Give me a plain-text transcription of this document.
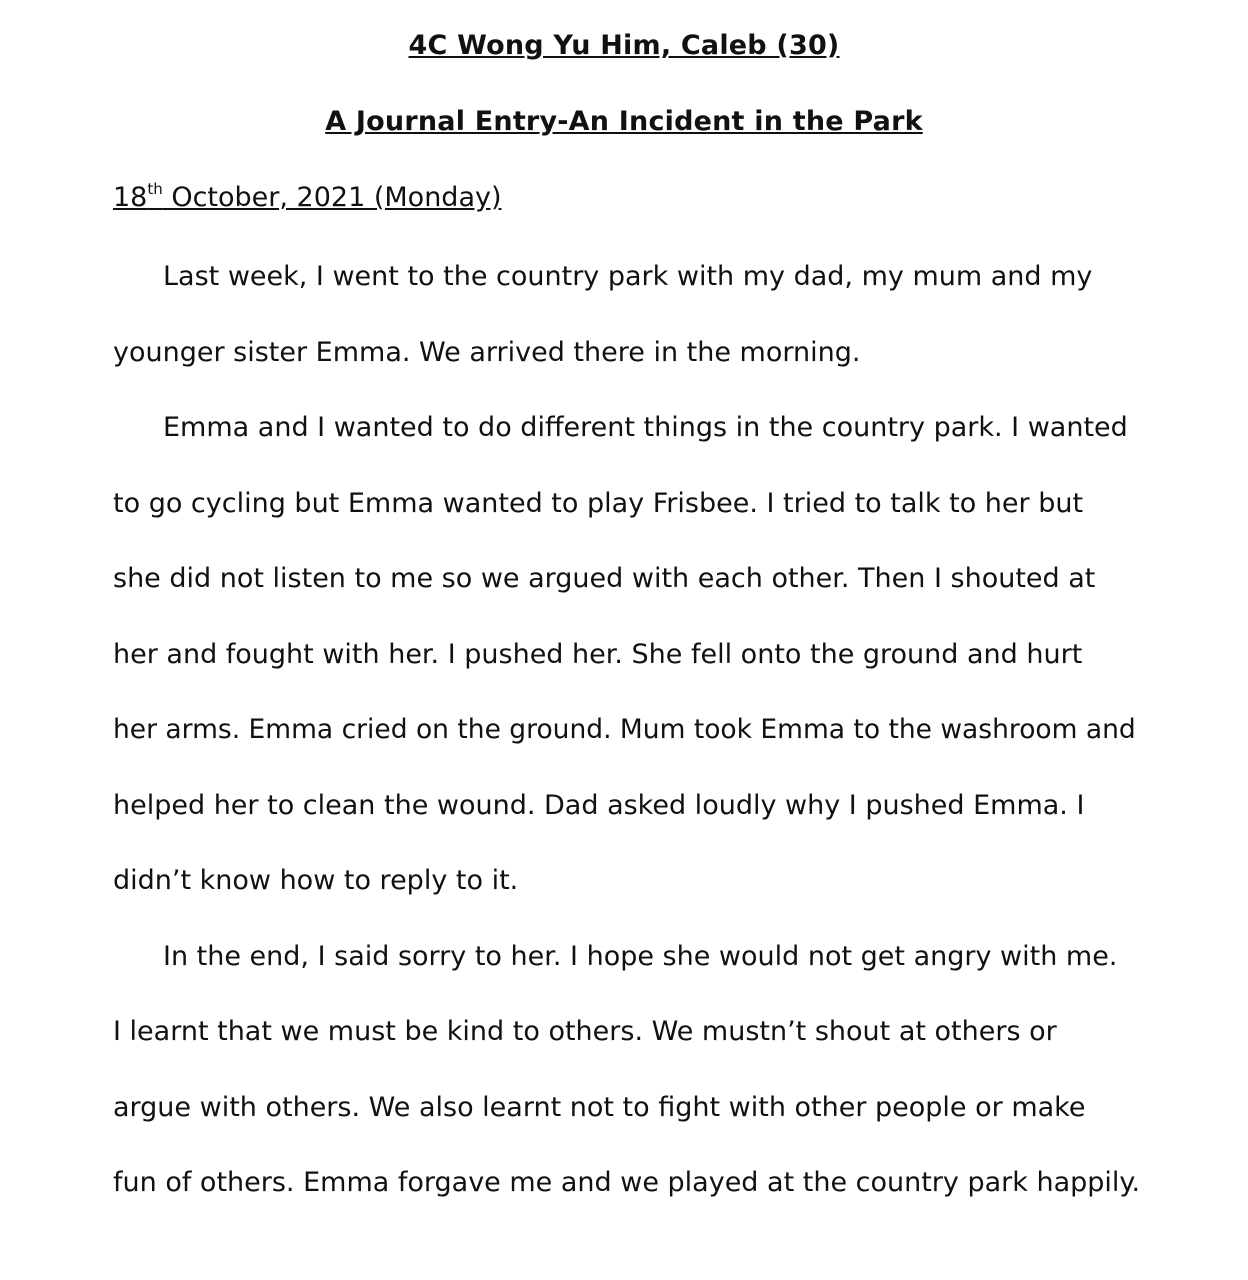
4C Wong Yu Him, Caleb (30)
A Journal Entry-An Incident in the Park
18th October, 2021 (Monday)
Last week, I went to the country park with my dad, my mum and my
younger sister Emma. We arrived there in the morning.
Emma and I wanted to do different things in the country park. I wanted
to go cycling but Emma wanted to play Frisbee. I tried to talk to her but
she did not listen to me so we argued with each other. Then I shouted at
her and fought with her. I pushed her. She fell onto the ground and hurt
her arms. Emma cried on the ground. Mum took Emma to the washroom and
helped her to clean the wound. Dad asked loudly why I pushed Emma. I
didn’t know how to reply to it.
In the end, I said sorry to her. I hope she would not get angry with me.
I learnt that we must be kind to others. We mustn’t shout at others or
argue with others. We also learnt not to fight with other people or make
fun of others. Emma forgave me and we played at the country park happily.
